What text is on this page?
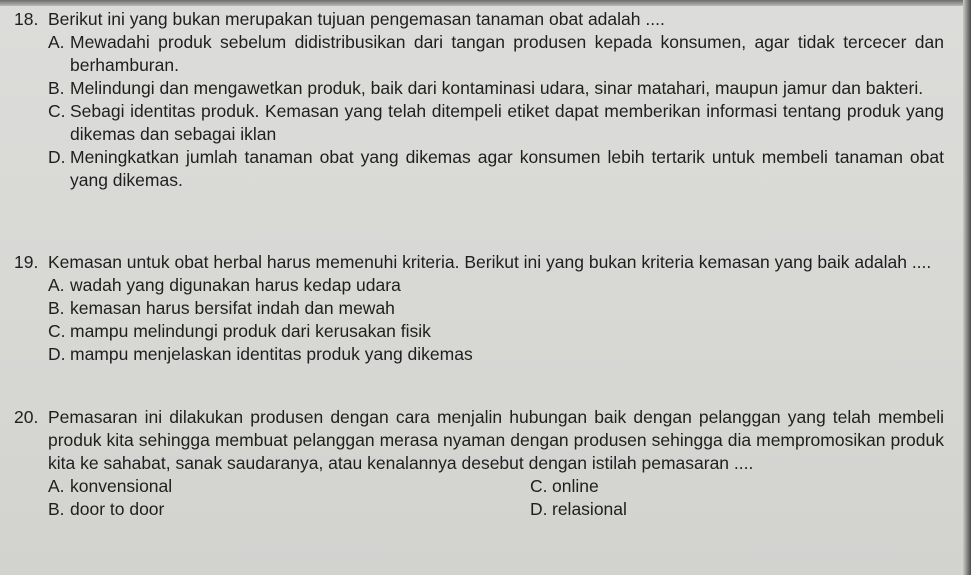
18. Berikut ini yang bukan merupakan tujuan pengemasan tanaman obat adalah ....
A. Mewadahi produk sebelum didistribusikan dari tangan produsen kepada konsumen, agar tidak tercecer dan berhamburan.
B. Melindungi dan mengawetkan produk, baik dari kontaminasi udara, sinar matahari, maupun jamur dan bakteri.
C. Sebagi identitas produk. Kemasan yang telah ditempeli etiket dapat memberikan informasi tentang produk yang dikemas dan sebagai iklan
D. Meningkatkan jumlah tanaman obat yang dikemas agar konsumen lebih tertarik untuk membeli tanaman obat yang dikemas.
19. Kemasan untuk obat herbal harus memenuhi kriteria. Berikut ini yang bukan kriteria kemasan yang baik adalah ....
A. wadah yang digunakan harus kedap udara
B. kemasan harus bersifat indah dan mewah
C. mampu melindungi produk dari kerusakan fisik
D. mampu menjelaskan identitas produk yang dikemas
20. Pemasaran ini dilakukan produsen dengan cara menjalin hubungan baik dengan pelanggan yang telah membeli produk kita sehingga membuat pelanggan merasa nyaman dengan produsen sehingga dia mempromosikan produk kita ke sahabat, sanak saudaranya, atau kenalannya desebut dengan istilah pemasaran ....
A. konvensional	C. online
B. door to door	D. relasional
